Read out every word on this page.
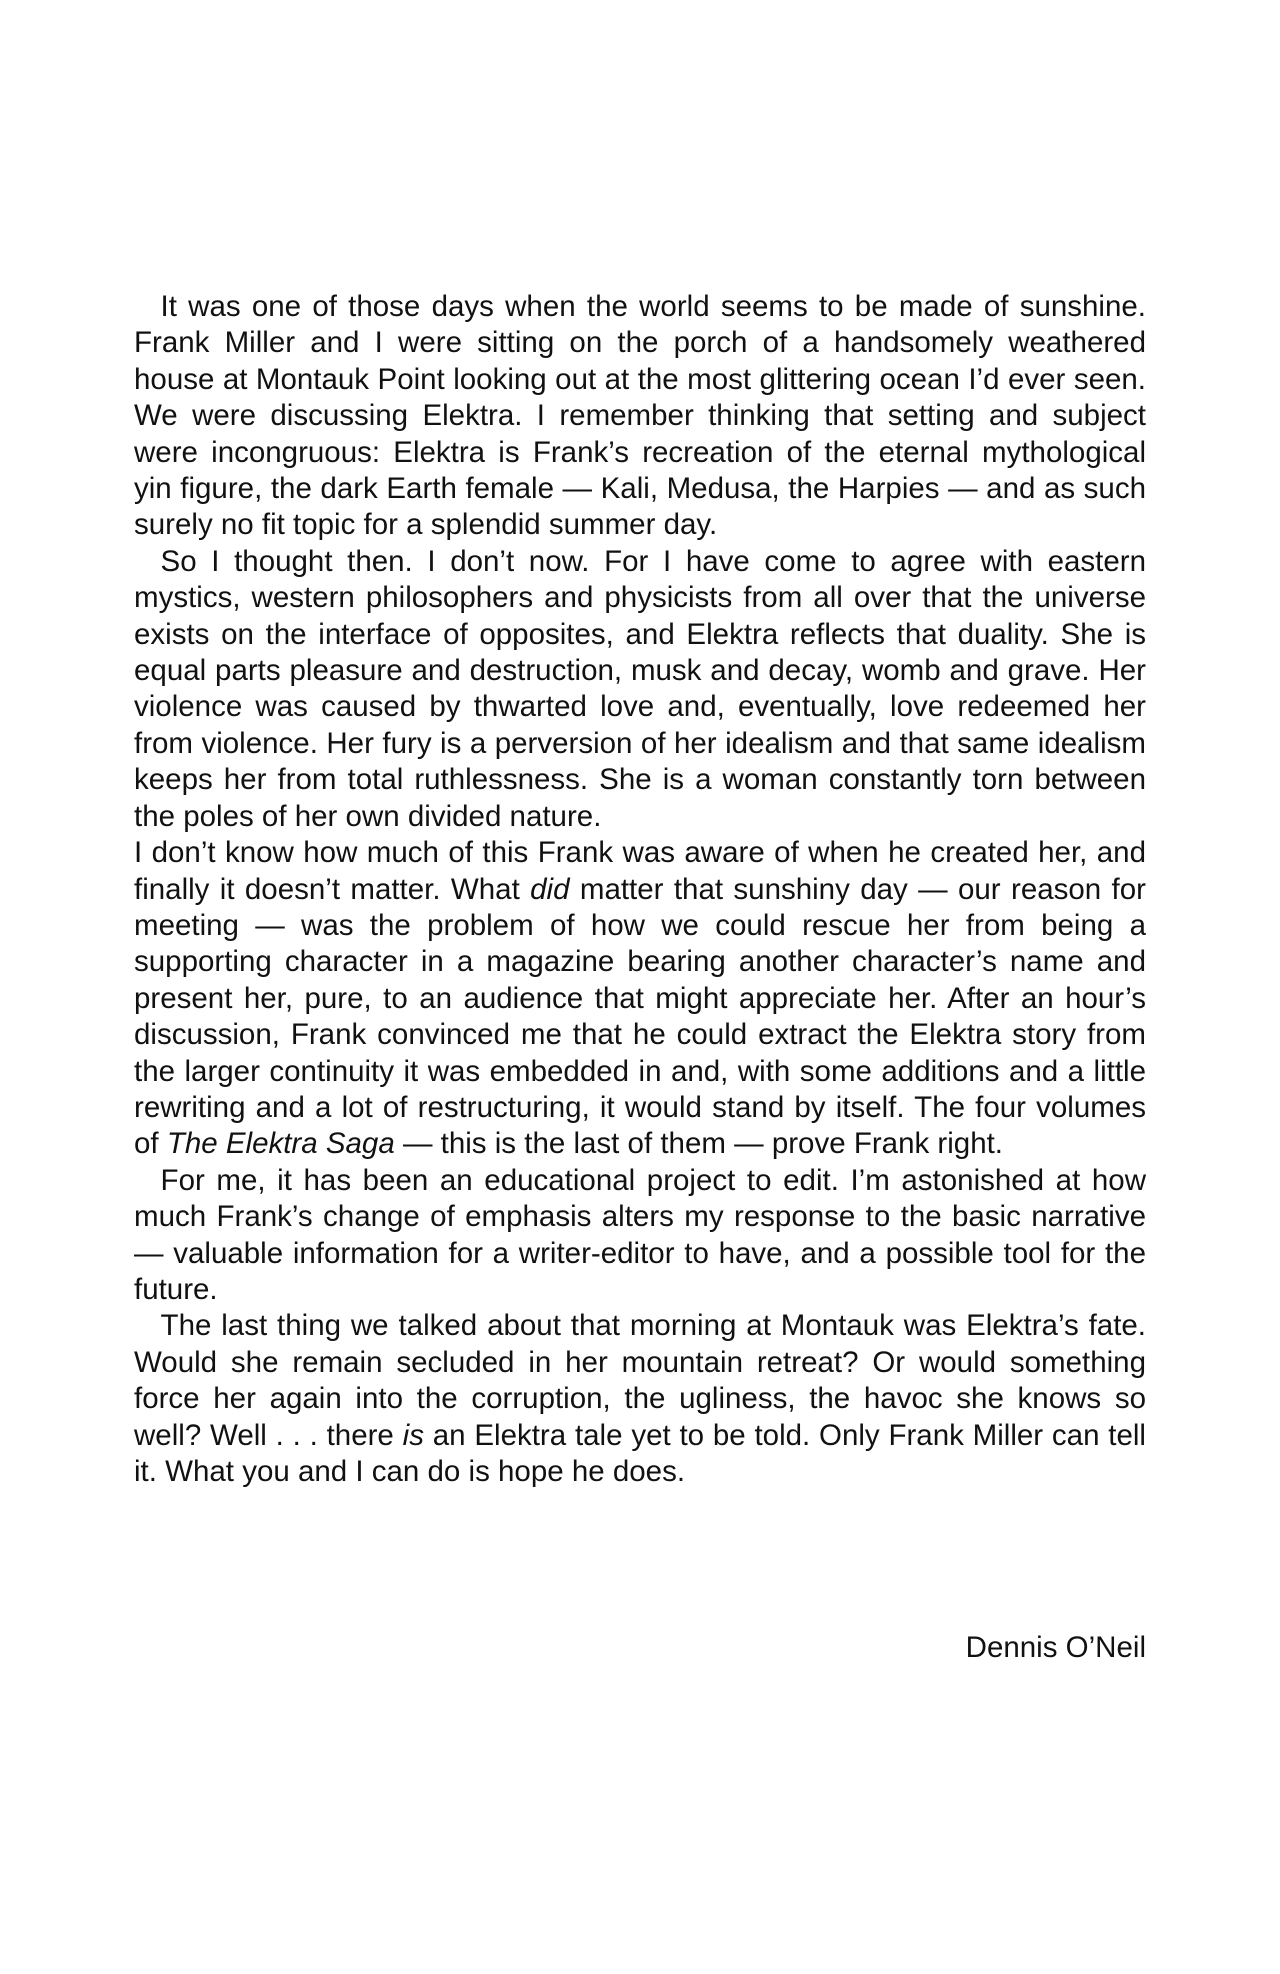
It was one of those days when the world seems to be made of sunshine. Frank Miller and I were sitting on the porch of a handsomely weathered house at Montauk Point looking out at the most glittering ocean I’d ever seen. We were discussing Elektra. I remember thinking that setting and subject were incongruous: Elektra is Frank’s recreation of the eternal mythological yin figure, the dark Earth female — Kali, Medusa, the Harpies — and as such surely no fit topic for a splendid summer day.

So I thought then. I don’t now. For I have come to agree with eastern mystics, western philosophers and physicists from all over that the universe exists on the interface of opposites, and Elektra reflects that duality. She is equal parts pleasure and destruction, musk and decay, womb and grave. Her violence was caused by thwarted love and, eventually, love redeemed her from violence. Her fury is a perversion of her idealism and that same idealism keeps her from total ruthlessness. She is a woman constantly torn between the poles of her own divided nature.

I don’t know how much of this Frank was aware of when he created her, and finally it doesn’t matter. What did matter that sunshiny day — our reason for meeting — was the problem of how we could rescue her from being a supporting character in a magazine bearing another character’s name and present her, pure, to an audience that might appreciate her. After an hour’s discussion, Frank convinced me that he could extract the Elektra story from the larger continuity it was embedded in and, with some additions and a little rewriting and a lot of restructuring, it would stand by itself. The four volumes of The Elektra Saga — this is the last of them — prove Frank right.

For me, it has been an educational project to edit. I’m astonished at how much Frank’s change of emphasis alters my response to the basic narrative — valuable information for a writer-editor to have, and a possible tool for the future.

The last thing we talked about that morning at Montauk was Elektra’s fate. Would she remain secluded in her mountain retreat? Or would something force her again into the corruption, the ugliness, the havoc she knows so well? Well . . . there is an Elektra tale yet to be told. Only Frank Miller can tell it. What you and I can do is hope he does.

Dennis O’Neil
